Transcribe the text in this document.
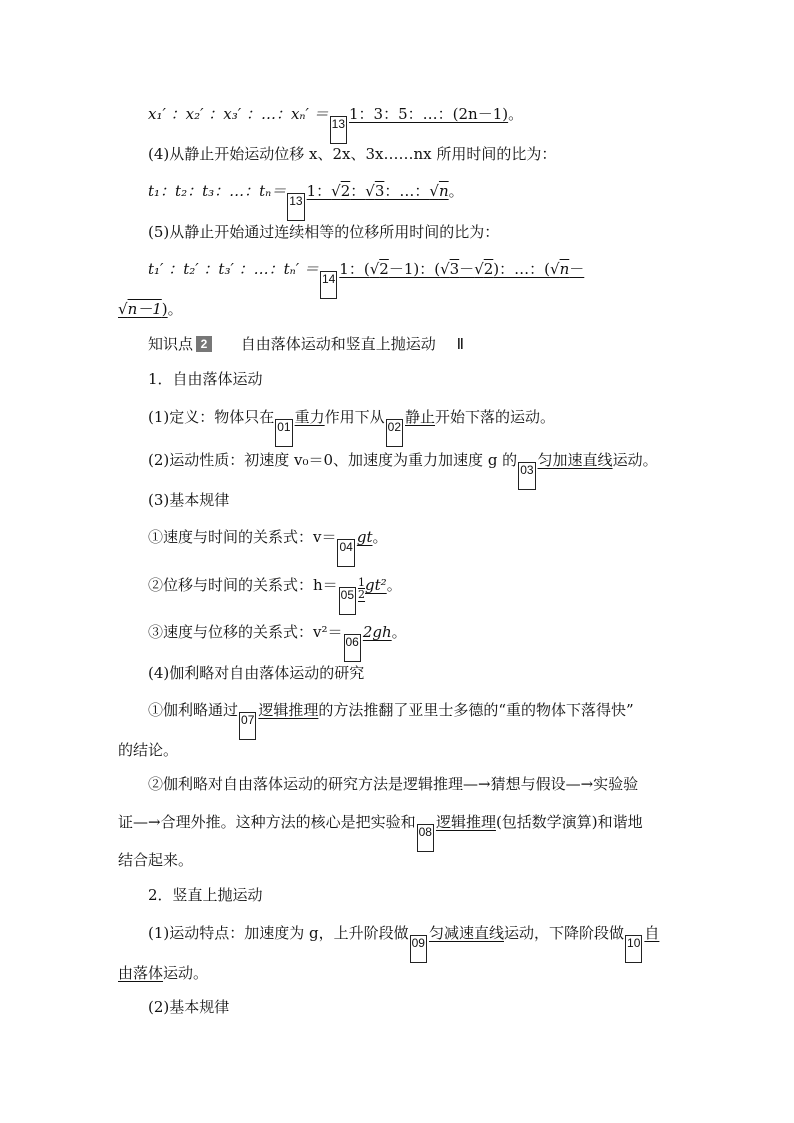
x₁′ ：x₂′ ：x₃′ ：…：xₙ′ ＝131：3：5：…：(2n－1)。
(4)从静止开始运动位移 x、2x、3x……nx 所用时间的比为：
t₁：t₂：t₃：…：tₙ＝131：√2：√3：…：√n。
(5)从静止开始通过连续相等的位移所用时间的比为：
t₁′ ：t₂′ ：t₃′ ：…：tₙ′ ＝141：(√2－1)：(√3－√2)：…：(√n－
√n－1)。
知识点 2 自由落体运动和竖直上抛运动 Ⅱ
1．自由落体运动
(1)定义：物体只在01重力作用下从02静止开始下落的运动。
(2)运动性质：初速度 v₀＝0、加速度为重力加速度 g 的03匀加速直线运动。
(3)基本规律
①速度与时间的关系式：v＝04gt。
②位移与时间的关系式：$h=05 \frac{1}{2} gt^2$。
③速度与位移的关系式：v²＝062gh。
(4)伽利略对自由落体运动的研究
①伽利略通过07逻辑推理的方法推翻了亚里士多德的“重的物体下落得快”
的结论。
②伽利略对自由落体运动的研究方法是逻辑推理—→猜想与假设—→实验验
证—→合理外推。这种方法的核心是把实验和08逻辑推理(包括数学演算)和谐地
结合起来。
2．竖直上抛运动
(1)运动特点：加速度为 g，上升阶段做09匀减速直线运动，下降阶段做10自
由落体运动。
(2)基本规律
